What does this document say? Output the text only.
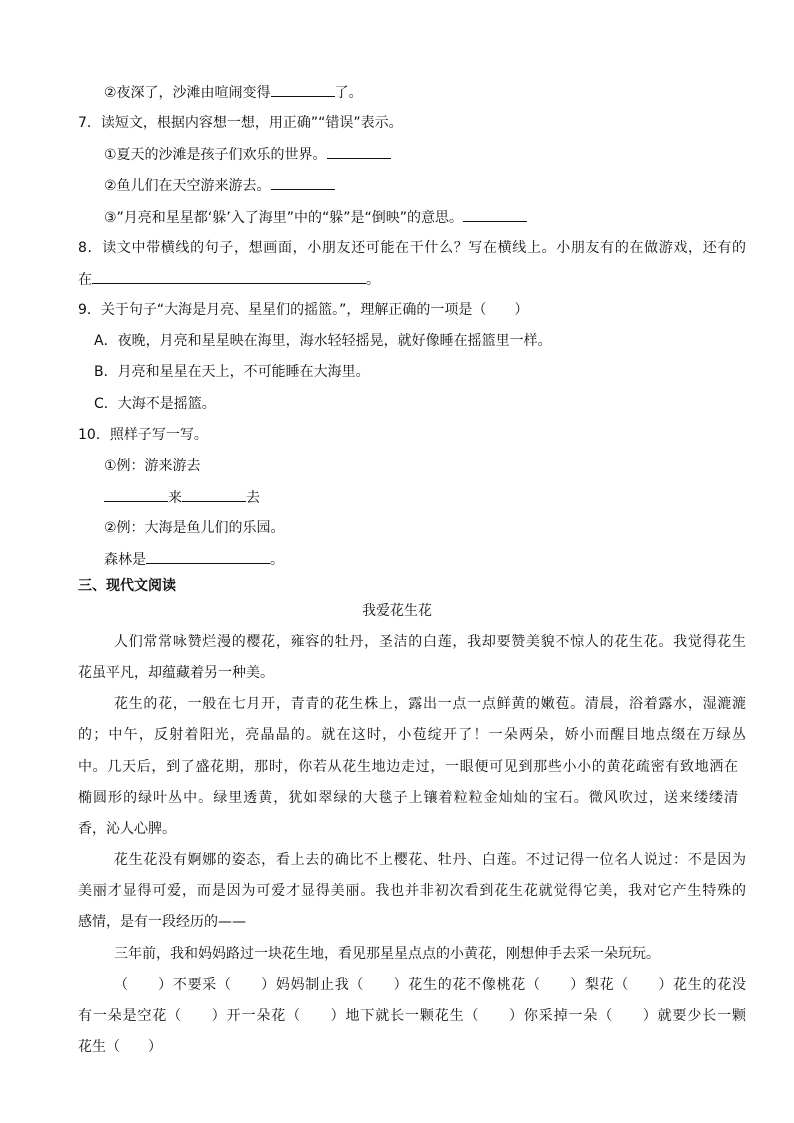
②夜深了，沙滩由喧闹变得	了。
7．读短文，根据内容想一想，用正确”“错误”表示。
①夏天的沙滩是孩子们欢乐的世界。
②鱼儿们在天空游来游去。
③”月亮和星星都‘躲’入了海里”中的“躲”是“倒映”的意思。
8．读文中带横线的句子，想画面，小朋友还可能在干什么？写在横线上。小朋友有的在做游戏，还有的
在	。
9．关于句子“大海是月亮、星星们的摇篮。”，理解正确的一项是（　　）
A．夜晚，月亮和星星映在海里，海水轻轻摇晃，就好像睡在摇篮里一样。
B．月亮和星星在天上，不可能睡在大海里。
C．大海不是摇篮。
10．照样子写一写。
①例：游来游去
来	去
②例：大海是鱼儿们的乐园。
森林是	。
三、现代文阅读
我爱花生花
人们常常咏赞烂漫的樱花，雍容的牡丹，圣洁的白莲，我却要赞美貌不惊人的花生花。我觉得花生
花虽平凡，却蕴藏着另一种美。
花生的花，一般在七月开，青青的花生株上，露出一点一点鲜黄的嫩苞。清晨，浴着露水，湿漉漉
的；中午，反射着阳光，亮晶晶的。就在这时，小苞绽开了！一朵两朵，娇小而醒目地点缀在万绿丛
中。几天后，到了盛花期，那时，你若从花生地边走过，一眼便可见到那些小小的黄花疏密有致地洒在
椭圆形的绿叶丛中。绿里透黄，犹如翠绿的大毯子上镶着粒粒金灿灿的宝石。微风吹过，送来缕缕清
香，沁人心脾。
花生花没有婀娜的姿态，看上去的确比不上樱花、牡丹、白莲。不过记得一位名人说过：不是因为
美丽才显得可爱，而是因为可爱才显得美丽。我也并非初次看到花生花就觉得它美，我对它产生特殊的
感情，是有一段经历的——
三年前，我和妈妈路过一块花生地，看见那星星点点的小黄花，刚想伸手去采一朵玩玩。
（　　）不要采（　　）妈妈制止我（　　）花生的花不像桃花（　　）梨花（　　）花生的花没
有一朵是空花（　　）开一朵花（　　）地下就长一颗花生（　　）你采掉一朵（　　）就要少长一颗
花生（　　）
